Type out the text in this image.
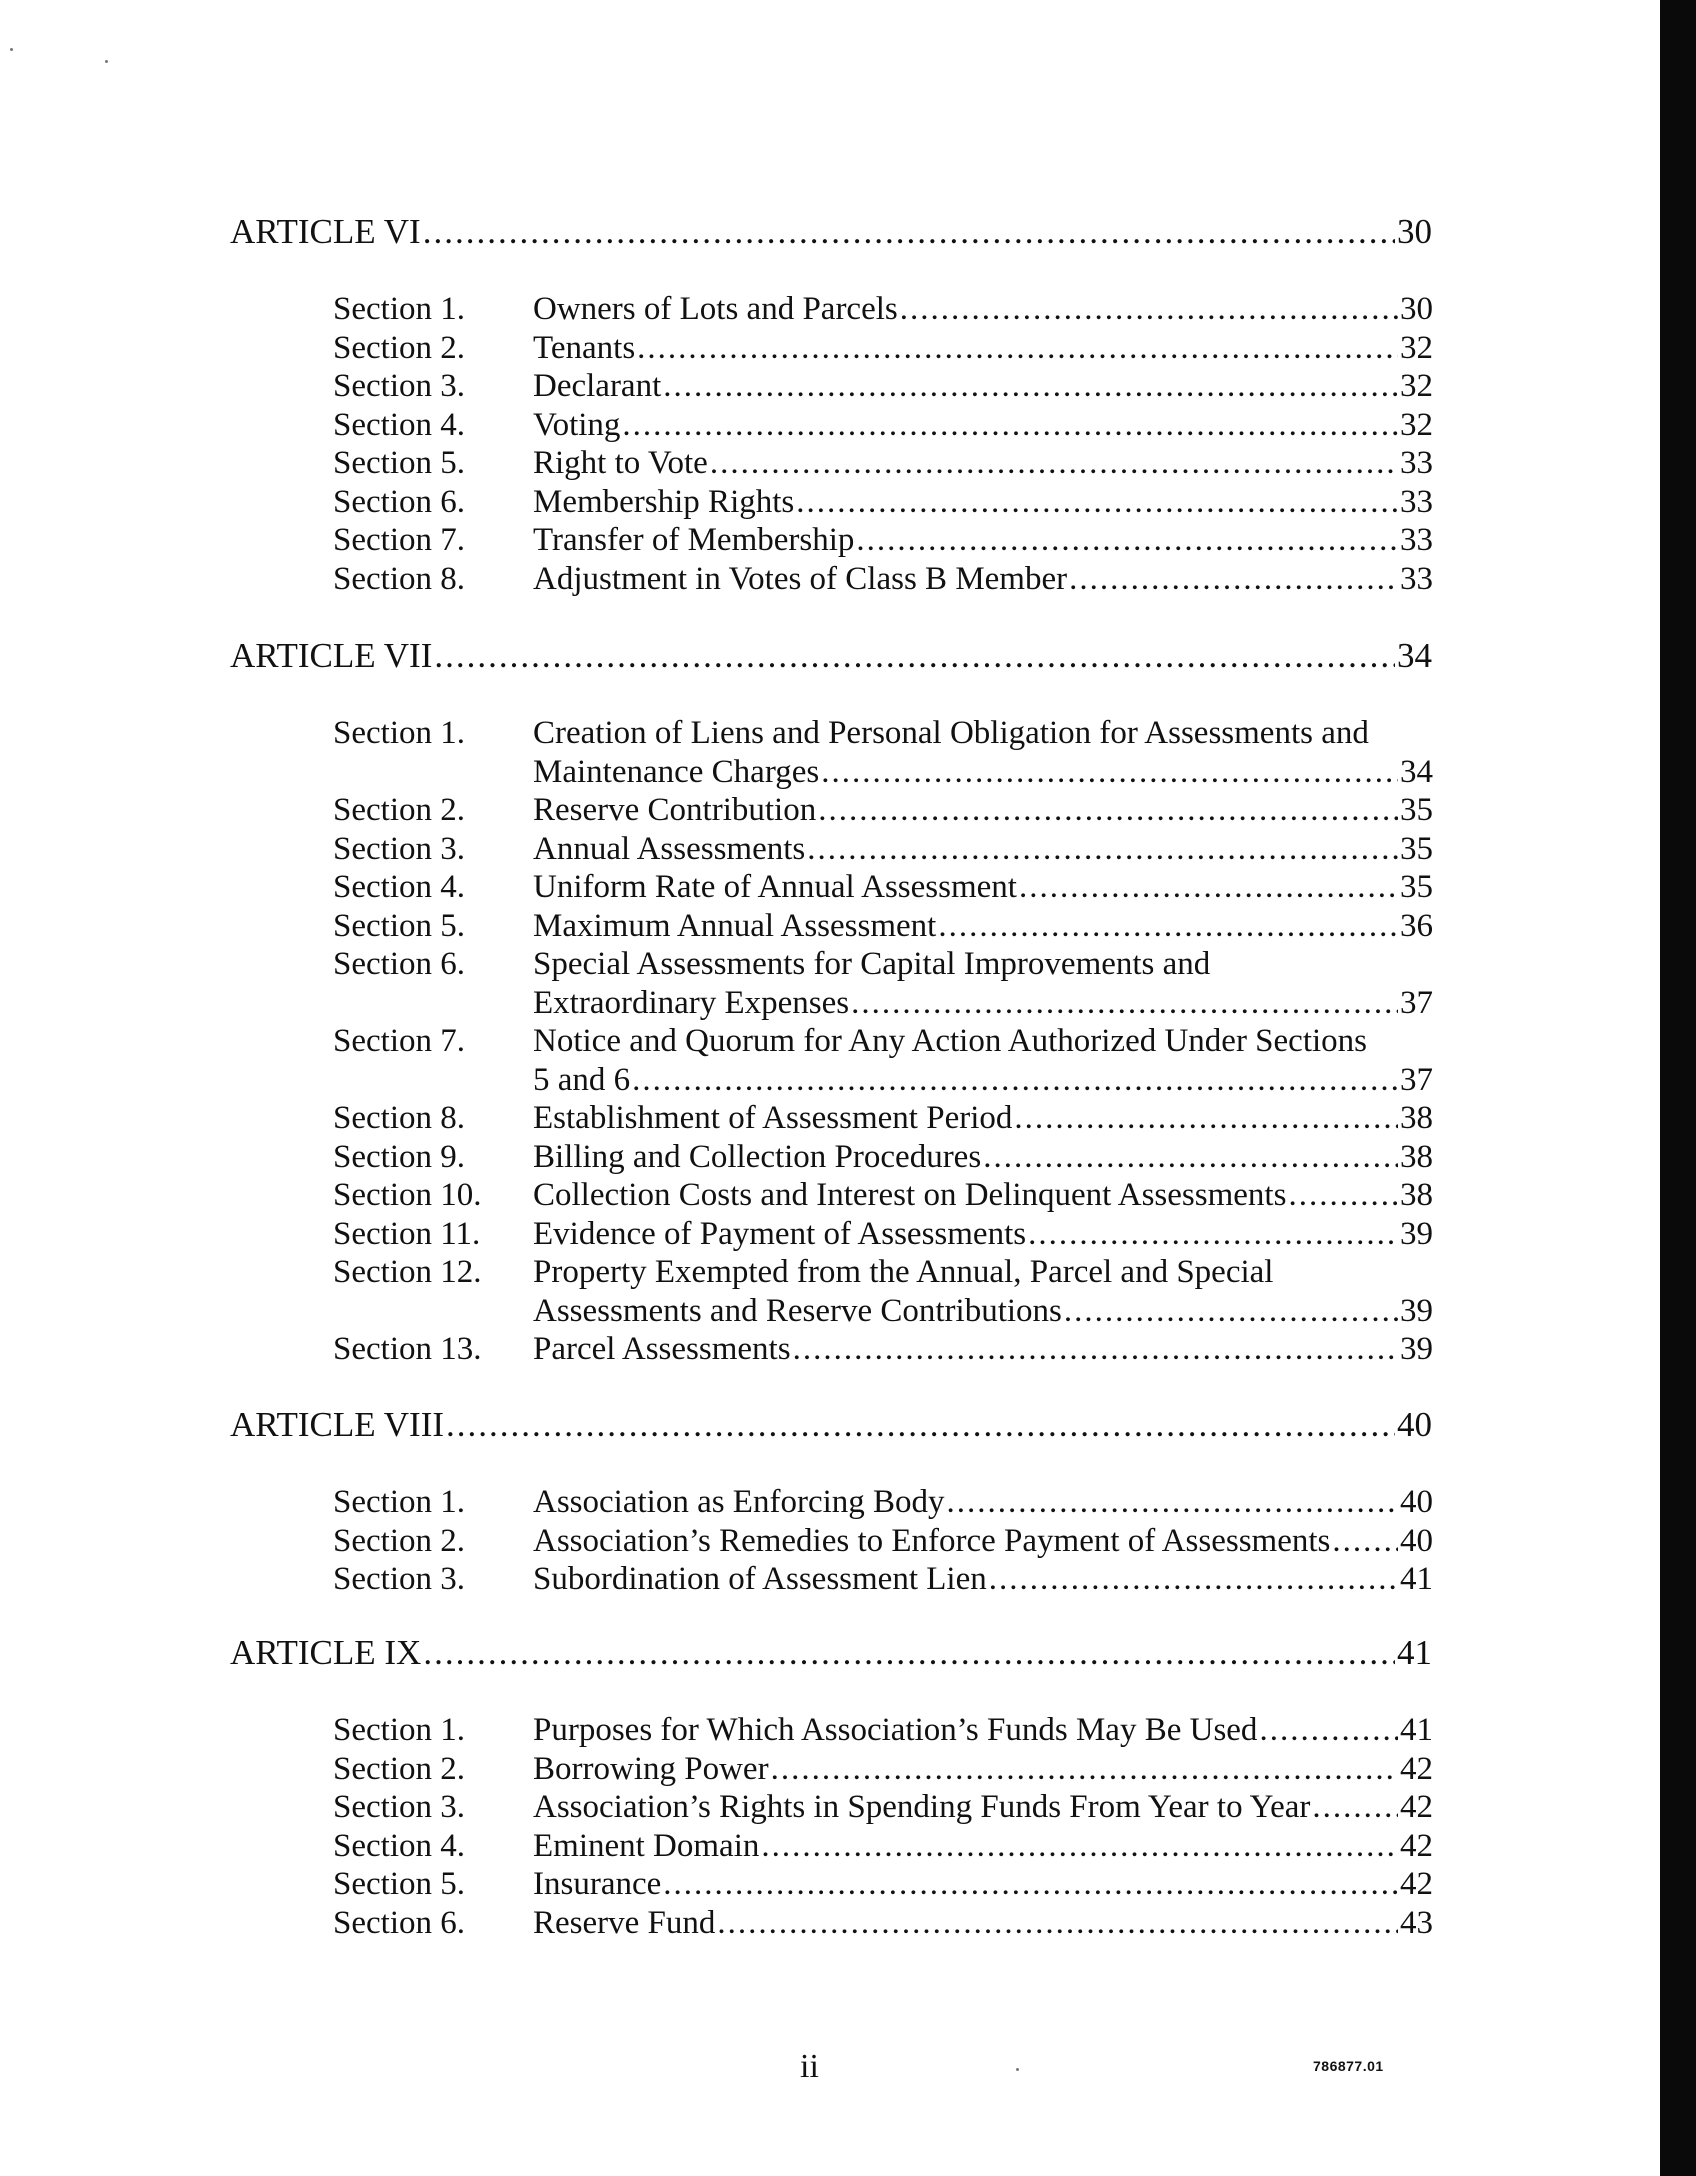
ARTICLE VI .....	30
Section 1. Owners of Lots and Parcels .....	30
Section 2. Tenants .....	32
Section 3. Declarant .....	32
Section 4. Voting .....	32
Section 5. Right to Vote .....	33
Section 6. Membership Rights .....	33
Section 7. Transfer of Membership .....	33
Section 8. Adjustment in Votes of Class B Member .....	33
ARTICLE VII .....	34
Section 1. Creation of Liens and Personal Obligation for Assessments and
Maintenance Charges .....	34
Section 2. Reserve Contribution .....	35
Section 3. Annual Assessments .....	35
Section 4. Uniform Rate of Annual Assessment .....	35
Section 5. Maximum Annual Assessment .....	36
Section 6. Special Assessments for Capital Improvements and
Extraordinary Expenses .....	37
Section 7. Notice and Quorum for Any Action Authorized Under Sections
5 and 6 .....	37
Section 8. Establishment of Assessment Period .....	38
Section 9. Billing and Collection Procedures .....	38
Section 10. Collection Costs and Interest on Delinquent Assessments .....	38
Section 11. Evidence of Payment of Assessments .....	39
Section 12. Property Exempted from the Annual, Parcel and Special
Assessments and Reserve Contributions .....	39
Section 13. Parcel Assessments .....	39
ARTICLE VIII .....	40
Section 1. Association as Enforcing Body .....	40
Section 2. Association’s Remedies to Enforce Payment of Assessments ..... 40
Section 3. Subordination of Assessment Lien .....	41
ARTICLE IX .....	41
Section 1. Purposes for Which Association’s Funds May Be Used .....	41
Section 2. Borrowing Power .....	42
Section 3. Association’s Rights in Spending Funds From Year to Year .....	42
Section 4. Eminent Domain .....	42
Section 5. Insurance .....	42
Section 6. Reserve Fund .....	43
ii	786877.01
